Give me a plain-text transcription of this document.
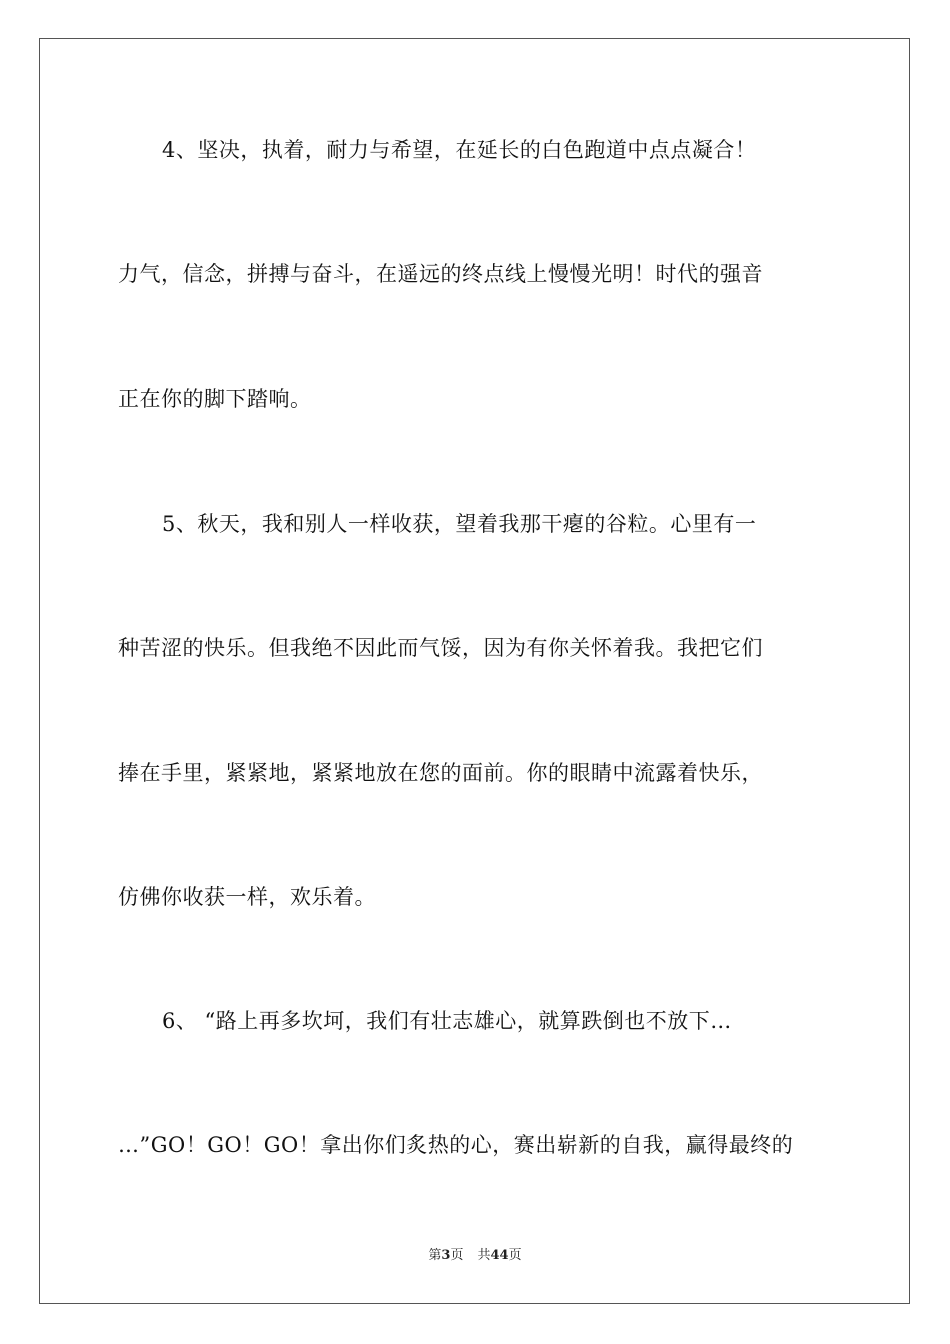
4、坚决，执着，耐力与希望，在延长的白色跑道中点点凝合！
力气，信念，拼搏与奋斗，在遥远的终点线上慢慢光明！时代的强音
正在你的脚下踏响。
5、秋天，我和别人一样收获，望着我那干瘪的谷粒。心里有一
种苦涩的快乐。但我绝不因此而气馁，因为有你关怀着我。我把它们
捧在手里，紧紧地，紧紧地放在您的面前。你的眼睛中流露着快乐，
仿佛你收获一样，欢乐着。
6、 “路上再多坎坷，我们有壮志雄心，就算跌倒也不放下…
…”GO！GO！GO！拿出你们炙热的心，赛出崭新的自我，赢得最终的
第3页 共44页
